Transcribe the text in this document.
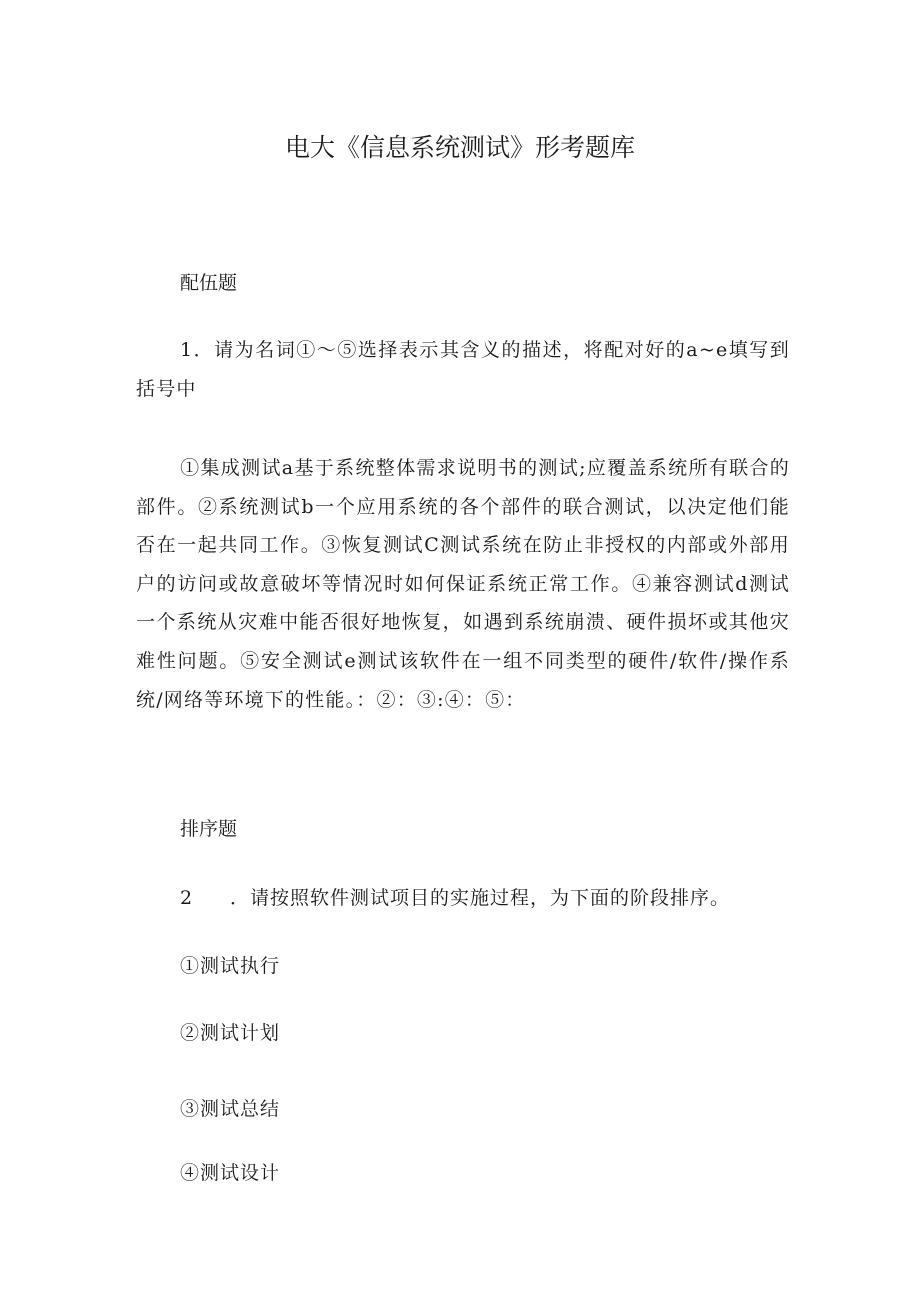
电大《信息系统测试》形考题库

配伍题

1．请为名词①～⑤选择表示其含义的描述，将配对好的a~e填写到括号中

①集成测试a基于系统整体需求说明书的测试;应覆盖系统所有联合的部件。②系统测试b一个应用系统的各个部件的联合测试，以决定他们能否在一起共同工作。③恢复测试C测试系统在防止非授权的内部或外部用户的访问或故意破坏等情况时如何保证系统正常工作。④兼容测试d测试一个系统从灾难中能否很好地恢复，如遇到系统崩溃、硬件损坏或其他灾难性问题。⑤安全测试e测试该软件在一组不同类型的硬件/软件/操作系统/网络等环境下的性能。：②：③:④：⑤：

排序题

2 ．请按照软件测试项目的实施过程，为下面的阶段排序。

①测试执行

②测试计划

③测试总结

④测试设计
